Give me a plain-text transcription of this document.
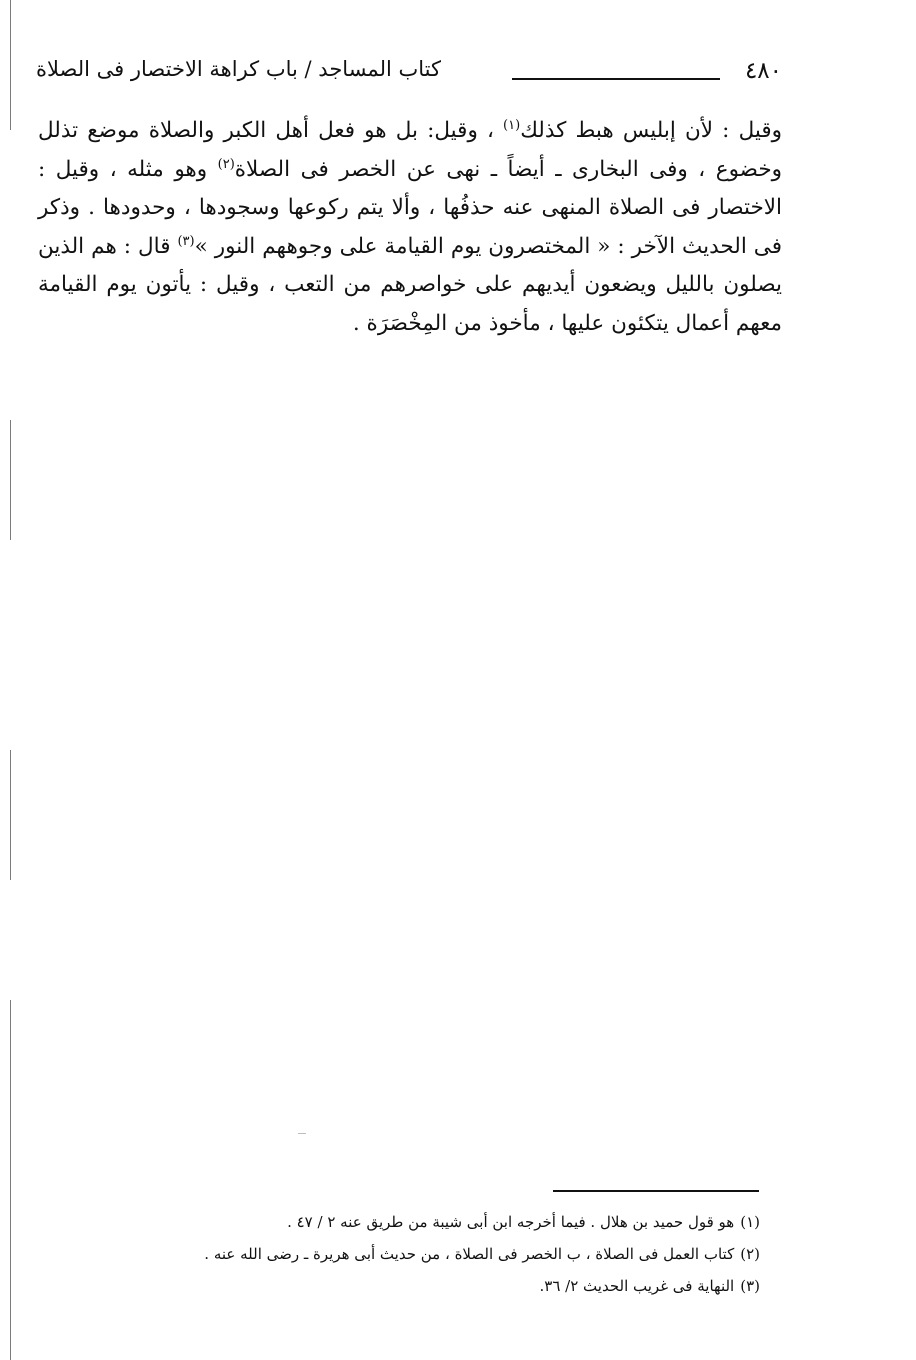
٤٨٠
كتاب المساجد / باب كراهة الاختصار فى الصلاة

وقيل : لأن إبليس هبط كذلك$^{(١)}$ ، وقيل: بل هو فعل أهل الكبر والصلاة موضع تذلل وخضوع ، وفى البخارى ـ أيضاً ـ نهى عن الخصر فى الصلاة$^{(٢)}$ وهو مثله ، وقيل : الاختصار فى الصلاة المنهى عنه حذفُها ، وألا يتم ركوعها وسجودها ، وحدودها . وذكر فى الحديث الآخر : « المختصرون يوم القيامة على وجوههم النور »$^{(٣)}$ قال : هم الذين يصلون بالليل ويضعون أيديهم على خواصرهم من التعب ، وقيل : يأتون يوم القيامة معهم أعمال يتكئون عليها ، مأخوذ من المِخْصَرَة .

(١)هو قول حميد بن هلال . فيما أخرجه ابن أبى شيبة من طريق عنه ٢ / ٤٧ .
(٢)كتاب العمل فى الصلاة ، ب الخصر فى الصلاة ، من حديث أبى هريرة ـ رضى الله عنه .
(٣)النهاية فى غريب الحديث ٢/ ٣٦.
